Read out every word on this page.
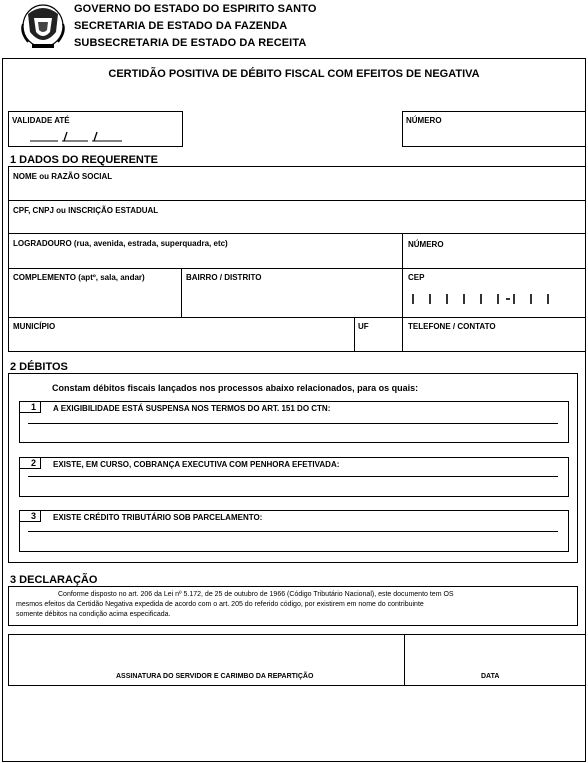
GOVERNO DO ESTADO DO ESPIRITO SANTO
SECRETARIA DE ESTADO DA FAZENDA
SUBSECRETARIA DE ESTADO DA RECEITA
CERTIDÃO POSITIVA DE DÉBITO FISCAL COM EFEITOS DE NEGATIVA
VALIDADE ATÉ	NÚMERO
1 DADOS DO REQUERENTE
NOME ou RAZÃO SOCIAL
CPF, CNPJ ou INSCRIÇÃO ESTADUAL
LOGRADOURO (rua, avenida, estrada, superquadra, etc)	NÚMERO
COMPLEMENTO (aptº, sala, andar)	BAIRRO / DISTRITO	CEP
MUNICÍPIO	UF	TELEFONE / CONTATO
2 DÉBITOS
Constam débitos fiscais lançados nos processos abaixo relacionados, para os quais:
1 A EXIGIBILIDADE ESTÁ SUSPENSA NOS TERMOS DO ART. 151 DO CTN:
2 EXISTE, EM CURSO, COBRANÇA EXECUTIVA COM PENHORA EFETIVADA:
3 EXISTE CRÉDITO TRIBUTÁRIO SOB PARCELAMENTO:
3 DECLARAÇÃO
Conforme disposto no art. 206 da Lei nº 5.172, de 25 de outubro de 1966 (Código Tributário Nacional), este documento tem OS
mesmos efeitos da Certidão Negativa expedida de acordo com o art. 205 do referido código, por existirem em nome do contribuinte
somente débitos na condição acima especificada.
ASSINATURA DO SERVIDOR E CARIMBO DA REPARTIÇÃO	DATA
